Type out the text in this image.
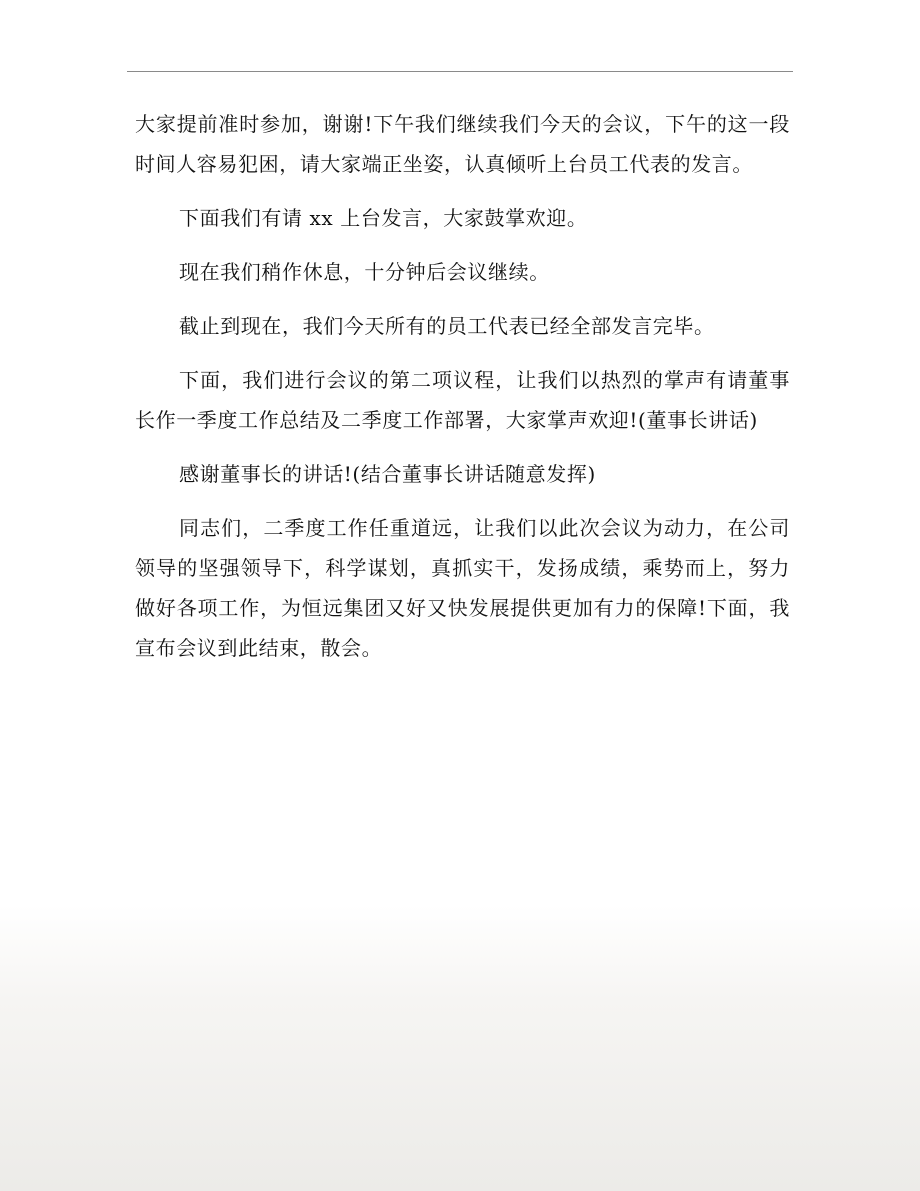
大家提前准时参加，谢谢!下午我们继续我们今天的会议，下午的这一段时间人容易犯困，请大家端正坐姿，认真倾听上台员工代表的发言。

下面我们有请 xx 上台发言，大家鼓掌欢迎。

现在我们稍作休息，十分钟后会议继续。

截止到现在，我们今天所有的员工代表已经全部发言完毕。

下面，我们进行会议的第二项议程，让我们以热烈的掌声有请董事长作一季度工作总结及二季度工作部署，大家掌声欢迎!(董事长讲话)

感谢董事长的讲话!(结合董事长讲话随意发挥)

同志们，二季度工作任重道远，让我们以此次会议为动力，在公司领导的坚强领导下，科学谋划，真抓实干，发扬成绩，乘势而上，努力做好各项工作，为恒远集团又好又快发展提供更加有力的保障!下面，我宣布会议到此结束，散会。
